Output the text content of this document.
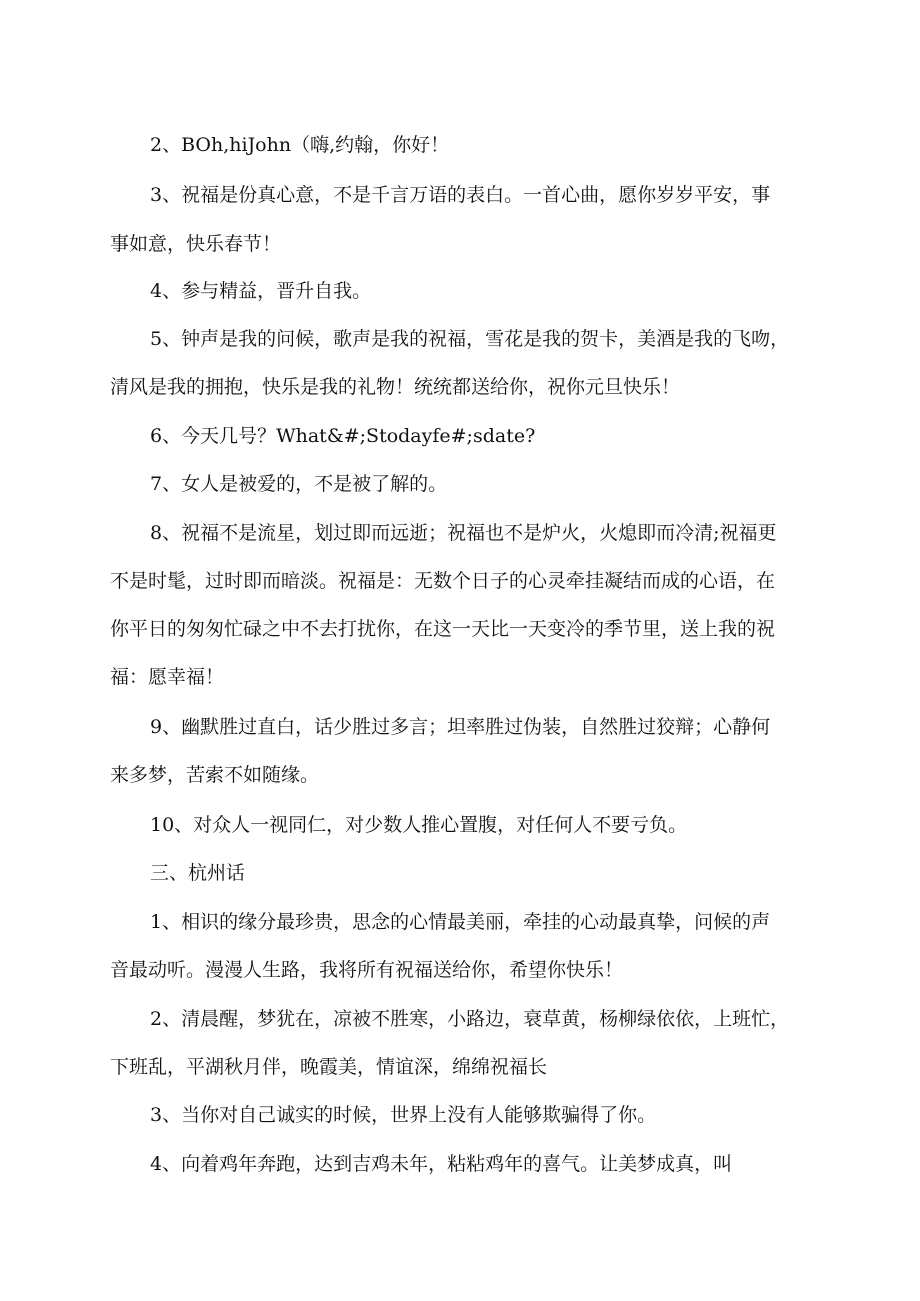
2、BOh,hiJohn（嗨,约翰，你好！
3、祝福是份真心意，不是千言万语的表白。一首心曲，愿你岁岁平安，事
事如意，快乐春节！
4、参与精益，晋升自我。
5、钟声是我的问候，歌声是我的祝福，雪花是我的贺卡，美酒是我的飞吻，
清风是我的拥抱，快乐是我的礼物！统统都送给你，祝你元旦快乐！
6、今天几号？What&#;Stodayfe#;sdate?
7、女人是被爱的，不是被了解的。
8、祝福不是流星，划过即而远逝；祝福也不是炉火，火熄即而冷清;祝福更
不是时髦，过时即而暗淡。祝福是：无数个日子的心灵牵挂凝结而成的心语，在
你平日的匆匆忙碌之中不去打扰你，在这一天比一天变冷的季节里，送上我的祝
福：愿幸福！
9、幽默胜过直白，话少胜过多言；坦率胜过伪装，自然胜过狡辩；心静何
来多梦，苦索不如随缘。
10、对众人一视同仁，对少数人推心置腹，对任何人不要亏负。
三、杭州话
1、相识的缘分最珍贵，思念的心情最美丽，牵挂的心动最真挚，问候的声
音最动听。漫漫人生路，我将所有祝福送给你，希望你快乐！
2、清晨醒，梦犹在，凉被不胜寒，小路边，衰草黄，杨柳绿依依，上班忙，
下班乱，平湖秋月伴，晚霞美，情谊深，绵绵祝福长
3、当你对自己诚实的时候，世界上没有人能够欺骗得了你。
4、向着鸡年奔跑，达到吉鸡未年，粘粘鸡年的喜气。让美梦成真，叫
